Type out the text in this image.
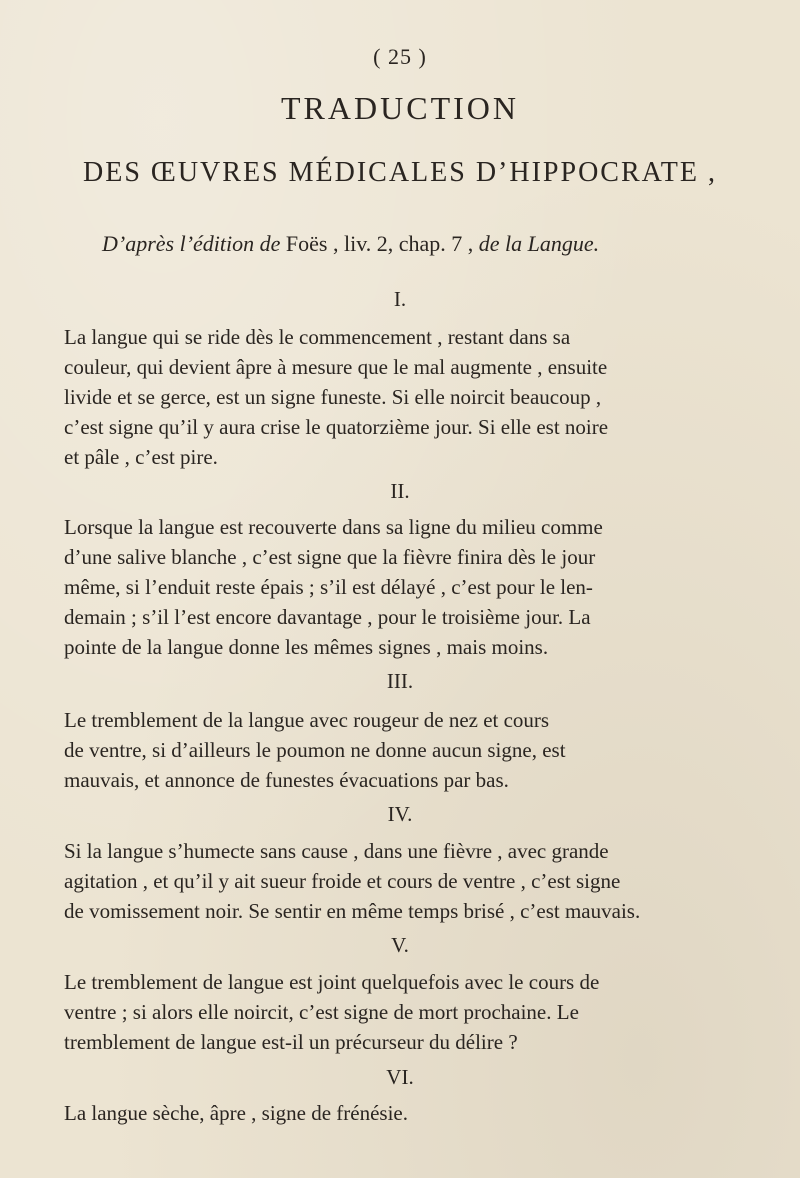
( 25 )
TRADUCTION
DES ŒUVRES MÉDICALES D’HIPPOCRATE ,
D’après l’édition de Foës , liv. 2, chap. 7 , de la Langue.
I.
La langue qui se ride dès le commencement , restant dans sa
couleur, qui devient âpre à mesure que le mal augmente , ensuite
livide et se gerce, est un signe funeste. Si elle noircit beaucoup ,
c’est signe qu’il y aura crise le quatorzième jour. Si elle est noire
et pâle , c’est pire.
II.
Lorsque la langue est recouverte dans sa ligne du milieu comme
d’une salive blanche , c’est signe que la fièvre finira dès le jour
même, si l’enduit reste épais ; s’il est délayé , c’est pour le len-
demain ; s’il l’est encore davantage , pour le troisième jour. La
pointe de la langue donne les mêmes signes , mais moins.
III.
Le tremblement de la langue avec rougeur de nez et cours
de ventre, si d’ailleurs le poumon ne donne aucun signe, est
mauvais, et annonce de funestes évacuations par bas.
IV.
Si la langue s’humecte sans cause , dans une fièvre , avec grande
agitation , et qu’il y ait sueur froide et cours de ventre , c’est signe
de vomissement noir. Se sentir en même temps brisé , c’est mauvais.
V.
Le tremblement de langue est joint quelquefois avec le cours de
ventre ; si alors elle noircit, c’est signe de mort prochaine. Le
tremblement de langue est-il un précurseur du délire ?
VI.
La langue sèche, âpre , signe de frénésie.
